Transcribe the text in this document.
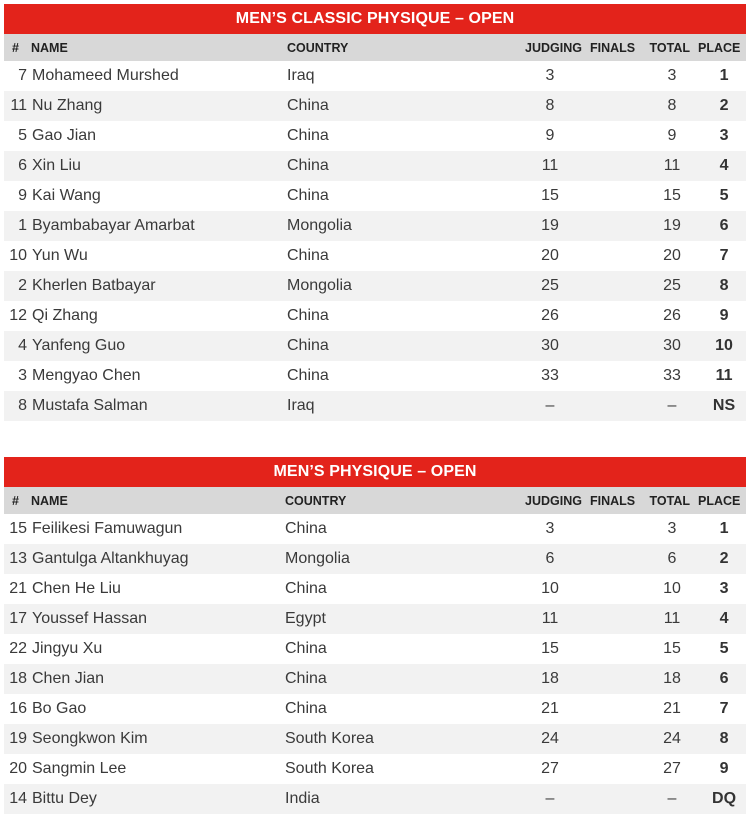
MEN’S CLASSIC PHYSIQUE – OPEN						
#	NAME	COUNTRY	JUDGING	FINALS	TOTAL	PLACE
7	Mohameed Murshed	Iraq	3		3	1
11	Nu Zhang	China	8		8	2
5	Gao Jian	China	9		9	3
6	Xin Liu	China	11		11	4
9	Kai Wang	China	15		15	5
1	Byambabayar Amarbat	Mongolia	19		19	6
10	Yun Wu	China	20		20	7
2	Kherlen Batbayar	Mongolia	25		25	8
12	Qi Zhang	China	26		26	9
4	Yanfeng Guo	China	30		30	10
3	Mengyao Chen	China	33		33	11
8	Mustafa Salman	Iraq	–		–	NS
MEN’S PHYSIQUE – OPEN						
#	NAME	COUNTRY	JUDGING	FINALS	TOTAL	PLACE
15	Feilikesi Famuwagun	China	3		3	1
13	Gantulga Altankhuyag	Mongolia	6		6	2
21	Chen He Liu	China	10		10	3
17	Youssef Hassan	Egypt	11		11	4
22	Jingyu Xu	China	15		15	5
18	Chen Jian	China	18		18	6
16	Bo Gao	China	21		21	7
19	Seongkwon Kim	South Korea	24		24	8
20	Sangmin Lee	South Korea	27		27	9
14	Bittu Dey	India	–		–	DQ
